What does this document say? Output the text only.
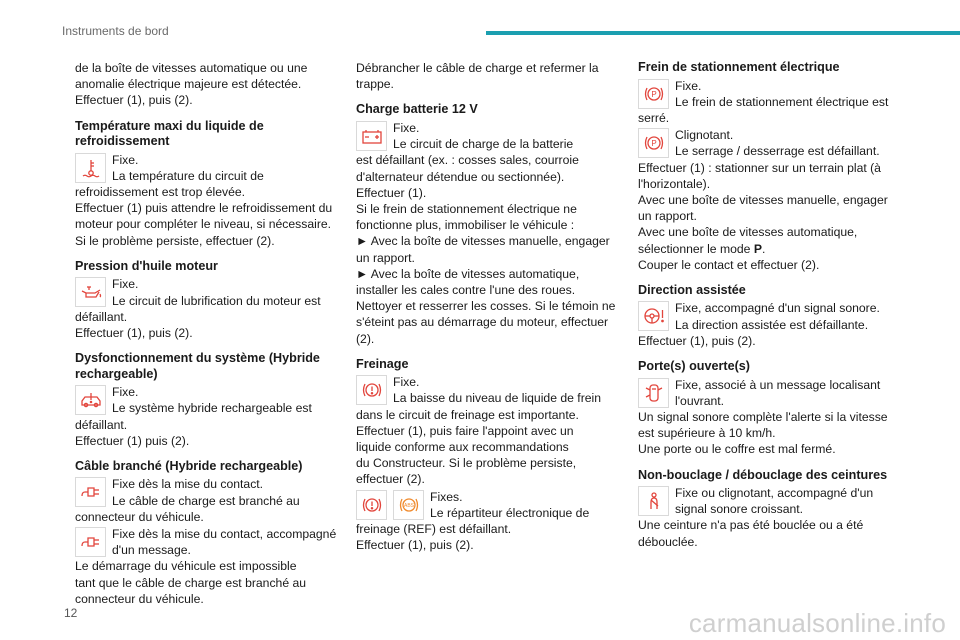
Instruments de bord

de la boîte de vitesses automatique ou une

anomalie électrique majeure est détectée.

Effectuer (1), puis (2).

Température maxi du liquide de refroidissement

Fixe.

La température du circuit de

refroidissement est trop élevée.

Effectuer (1) puis attendre le refroidissement du

moteur pour compléter le niveau, si nécessaire.

Si le problème persiste, effectuer (2).

Pression d'huile moteur

Fixe.

Le circuit de lubrification du moteur est

défaillant.

Effectuer (1), puis (2).

Dysfonctionnement du système (Hybride rechargeable)

Fixe.

Le système hybride rechargeable est

défaillant.

Effectuer (1) puis (2).

Câble branché (Hybride rechargeable)

Fixe dès la mise du contact.

Le câble de charge est branché au

connecteur du véhicule.

Fixe dès la mise du contact, accompagné

d'un message.

Le démarrage du véhicule est impossible

tant que le câble de charge est branché au

connecteur du véhicule.

Débrancher le câble de charge et refermer la

trappe.

Charge batterie 12 V

Fixe.

Le circuit de charge de la batterie

est défaillant (ex. : cosses sales, courroie

d'alternateur détendue ou sectionnée).

Effectuer (1).

Si le frein de stationnement électrique ne

fonctionne plus, immobiliser le véhicule :

► Avec la boîte de vitesses manuelle, engager

un rapport.

► Avec la boîte de vitesses automatique,

installer les cales contre l'une des roues.

Nettoyer et resserrer les cosses. Si le témoin ne

s'éteint pas au démarrage du moteur, effectuer

(2).

Freinage

Fixe.

La baisse du niveau de liquide de frein

dans le circuit de freinage est importante.

Effectuer (1), puis faire l'appoint avec un

liquide conforme aux recommandations

du Constructeur. Si le problème persiste,

effectuer (2).

ABS

Fixes.

Le répartiteur électronique de

freinage (REF) est défaillant.

Effectuer (1), puis (2).

Frein de stationnement électrique
P

Fixe.

Le frein de stationnement électrique est

serré.

P

Clignotant.

Le serrage / desserrage est défaillant.

Effectuer (1) : stationner sur un terrain plat (à

l'horizontale).

Avec une boîte de vitesses manuelle, engager

un rapport.

Avec une boîte de vitesses automatique,

sélectionner le mode P.

Couper le contact et effectuer (2).

Direction assistée

Fixe, accompagné d'un signal sonore.

La direction assistée est défaillante.

Effectuer (1), puis (2).

Porte(s) ouverte(s)

Fixe, associé à un message localisant

l'ouvrant.

Un signal sonore complète l'alerte si la vitesse

est supérieure à 10 km/h.

Une porte ou le coffre est mal fermé.

Non-bouclage / débouclage des ceintures

Fixe ou clignotant, accompagné d'un

signal sonore croissant.

Une ceinture n'a pas été bouclée ou a été

débouclée.

12	carmanualsonline.info
